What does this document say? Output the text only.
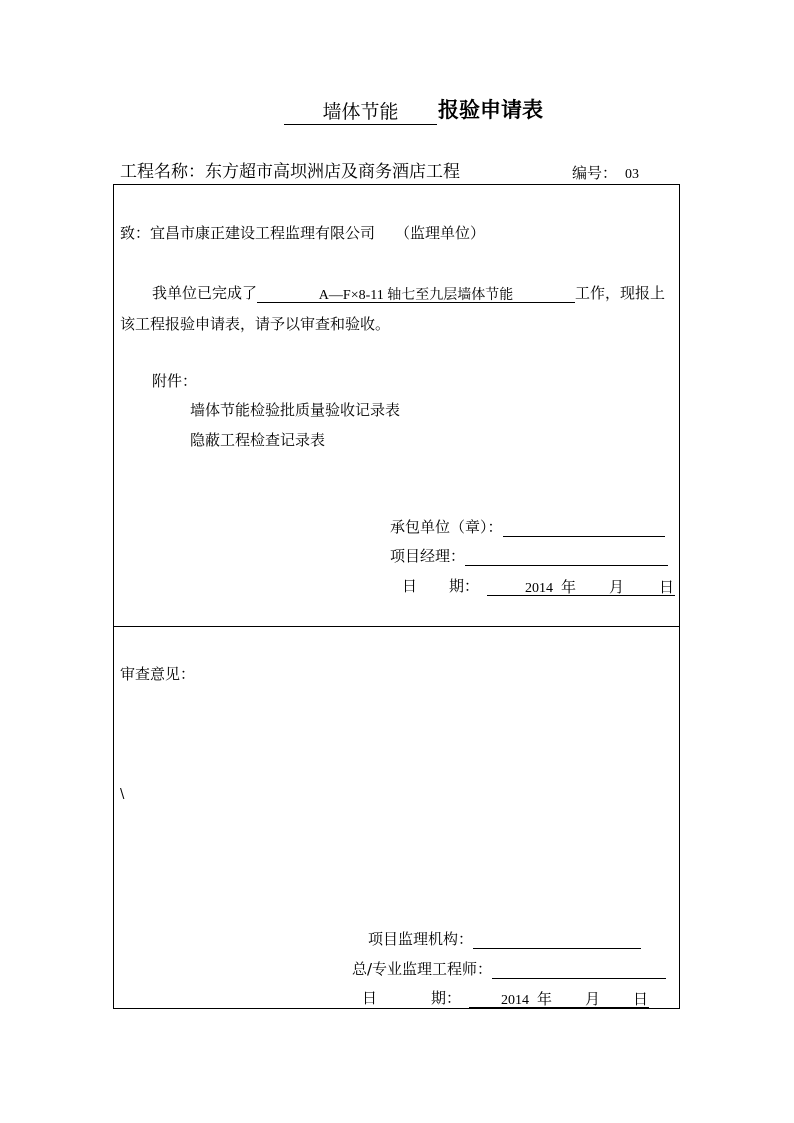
墙体节能	报验申请表
工程名称：东方超市高坝洲店及商务酒店工程	编号： 03
致：宜昌市康正建设工程监理有限公司 （监理单位）
我单位已完成了	A—F×8-11 轴七至九层墙体节能	工作，现报上
该工程报验申请表，请予以审查和验收。
附件：
墙体节能检验批质量验收记录表
隐蔽工程检查记录表
承包单位（章）：
项目经理：
日 期：	2014 年 月 日
审查意见：
\
项目监理机构：
总/专业监理工程师：
日	期：	2014 年 月 日
